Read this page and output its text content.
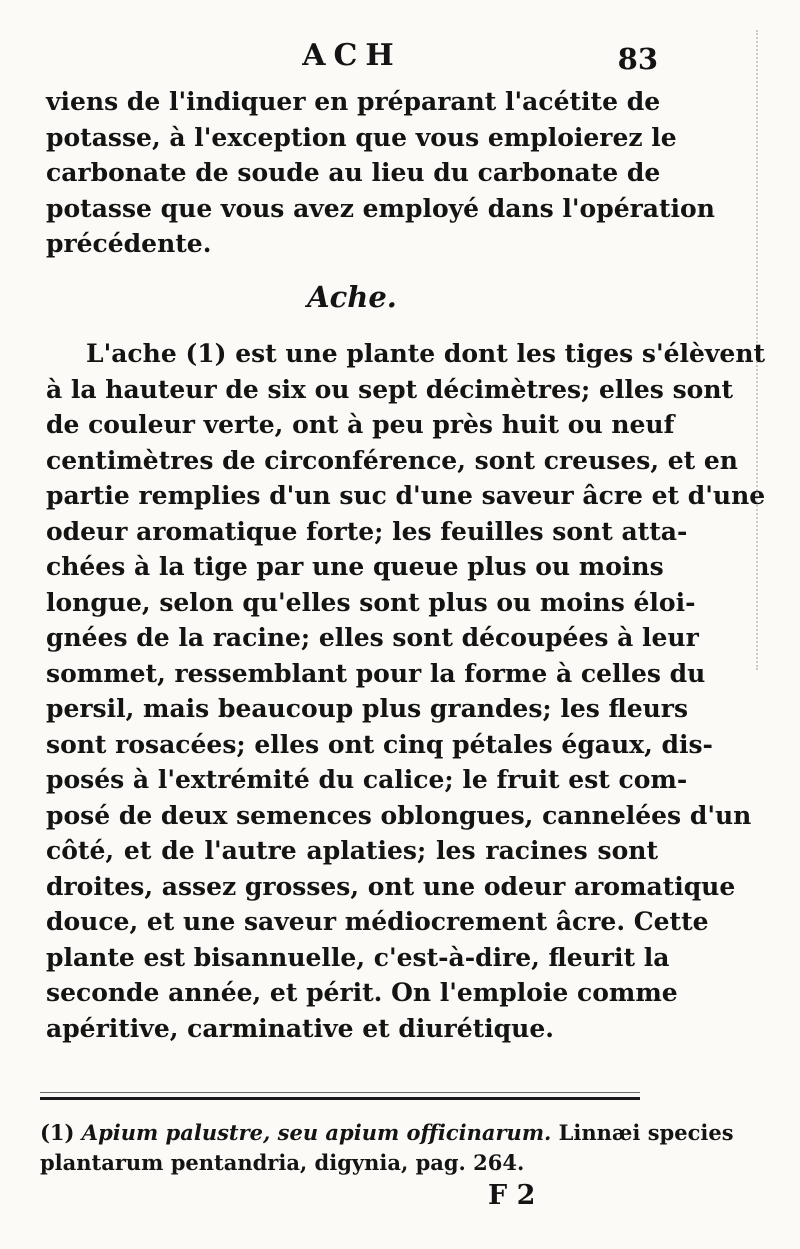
ACH	83
viens de l'indiquer en préparant l'acétite de
potasse, à l'exception que vous emploierez le
carbonate de soude au lieu du carbonate de
potasse que vous avez employé dans l'opération
précédente.
Ache.
L'ache (1) est une plante dont les tiges s'élèvent
à la hauteur de six ou sept décimètres; elles sont
de couleur verte, ont à peu près huit ou neuf
centimètres de circonférence, sont creuses, et en
partie remplies d'un suc d'une saveur âcre et d'une
odeur aromatique forte; les feuilles sont atta-
chées à la tige par une queue plus ou moins
longue, selon qu'elles sont plus ou moins éloi-
gnées de la racine; elles sont découpées à leur
sommet, ressemblant pour la forme à celles du
persil, mais beaucoup plus grandes; les fleurs
sont rosacées; elles ont cinq pétales égaux, dis-
posés à l'extrémité du calice; le fruit est com-
posé de deux semences oblongues, cannelées d'un
côté, et de l'autre aplaties; les racines sont
droites, assez grosses, ont une odeur aromatique
douce, et une saveur médiocrement âcre. Cette
plante est bisannuelle, c'est-à-dire, fleurit la
seconde année, et périt. On l'emploie comme
apéritive, carminative et diurétique.
(1) Apium palustre, seu apium officinarum. Linnæi species
plantarum pentandria, digynia, pag. 264.
F 2
